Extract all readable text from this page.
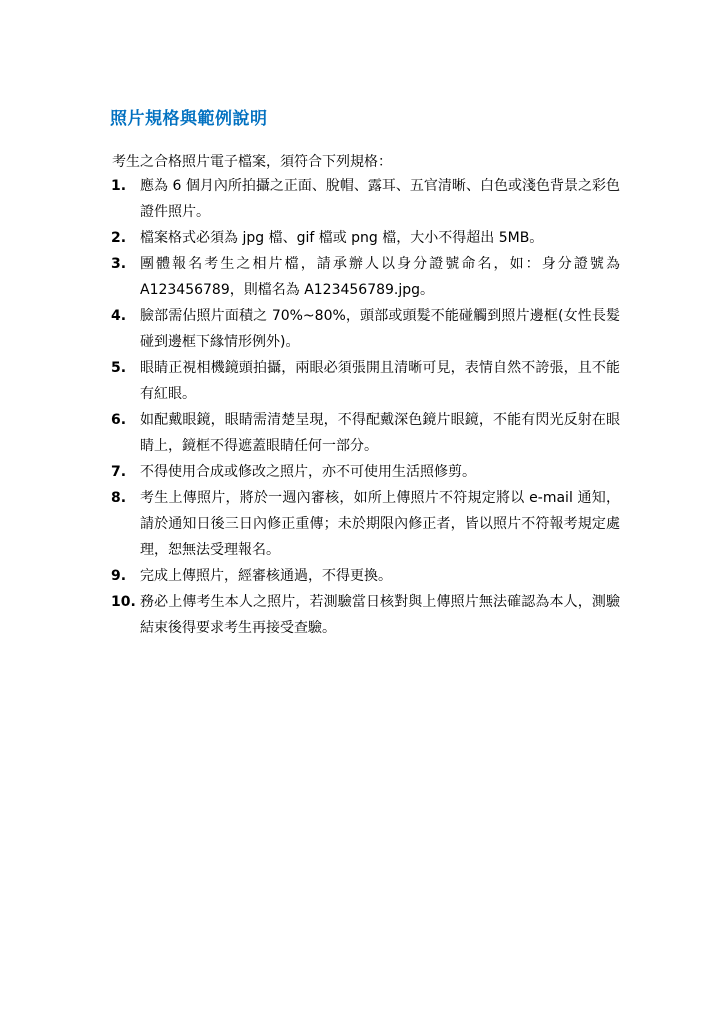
照片規格與範例說明
考生之合格照片電子檔案，須符合下列規格：
1. 應為 6 個月內所拍攝之正面、脫帽、露耳、五官清晰、白色或淺色背景之彩色證件照片。
2. 檔案格式必須為 jpg 檔、gif 檔或 png 檔，大小不得超出 5MB。
3. 團體報名考生之相片檔，請承辦人以身分證號命名，如：身分證號為 A123456789，則檔名為 A123456789.jpg。
4. 臉部需佔照片面積之 70%~80%，頭部或頭髮不能碰觸到照片邊框(女性長髮碰到邊框下緣情形例外)。
5. 眼睛正視相機鏡頭拍攝，兩眼必須張開且清晰可見，表情自然不誇張，且不能有紅眼。
6. 如配戴眼鏡，眼睛需清楚呈現，不得配戴深色鏡片眼鏡，不能有閃光反射在眼睛上，鏡框不得遮蓋眼睛任何一部分。
7. 不得使用合成或修改之照片，亦不可使用生活照修剪。
8. 考生上傳照片，將於一週內審核，如所上傳照片不符規定將以 e-mail 通知，請於通知日後三日內修正重傳；未於期限內修正者，皆以照片不符報考規定處理，恕無法受理報名。
9. 完成上傳照片，經審核通過，不得更換。
10. 務必上傳考生本人之照片，若測驗當日核對與上傳照片無法確認為本人，測驗結束後得要求考生再接受查驗。
